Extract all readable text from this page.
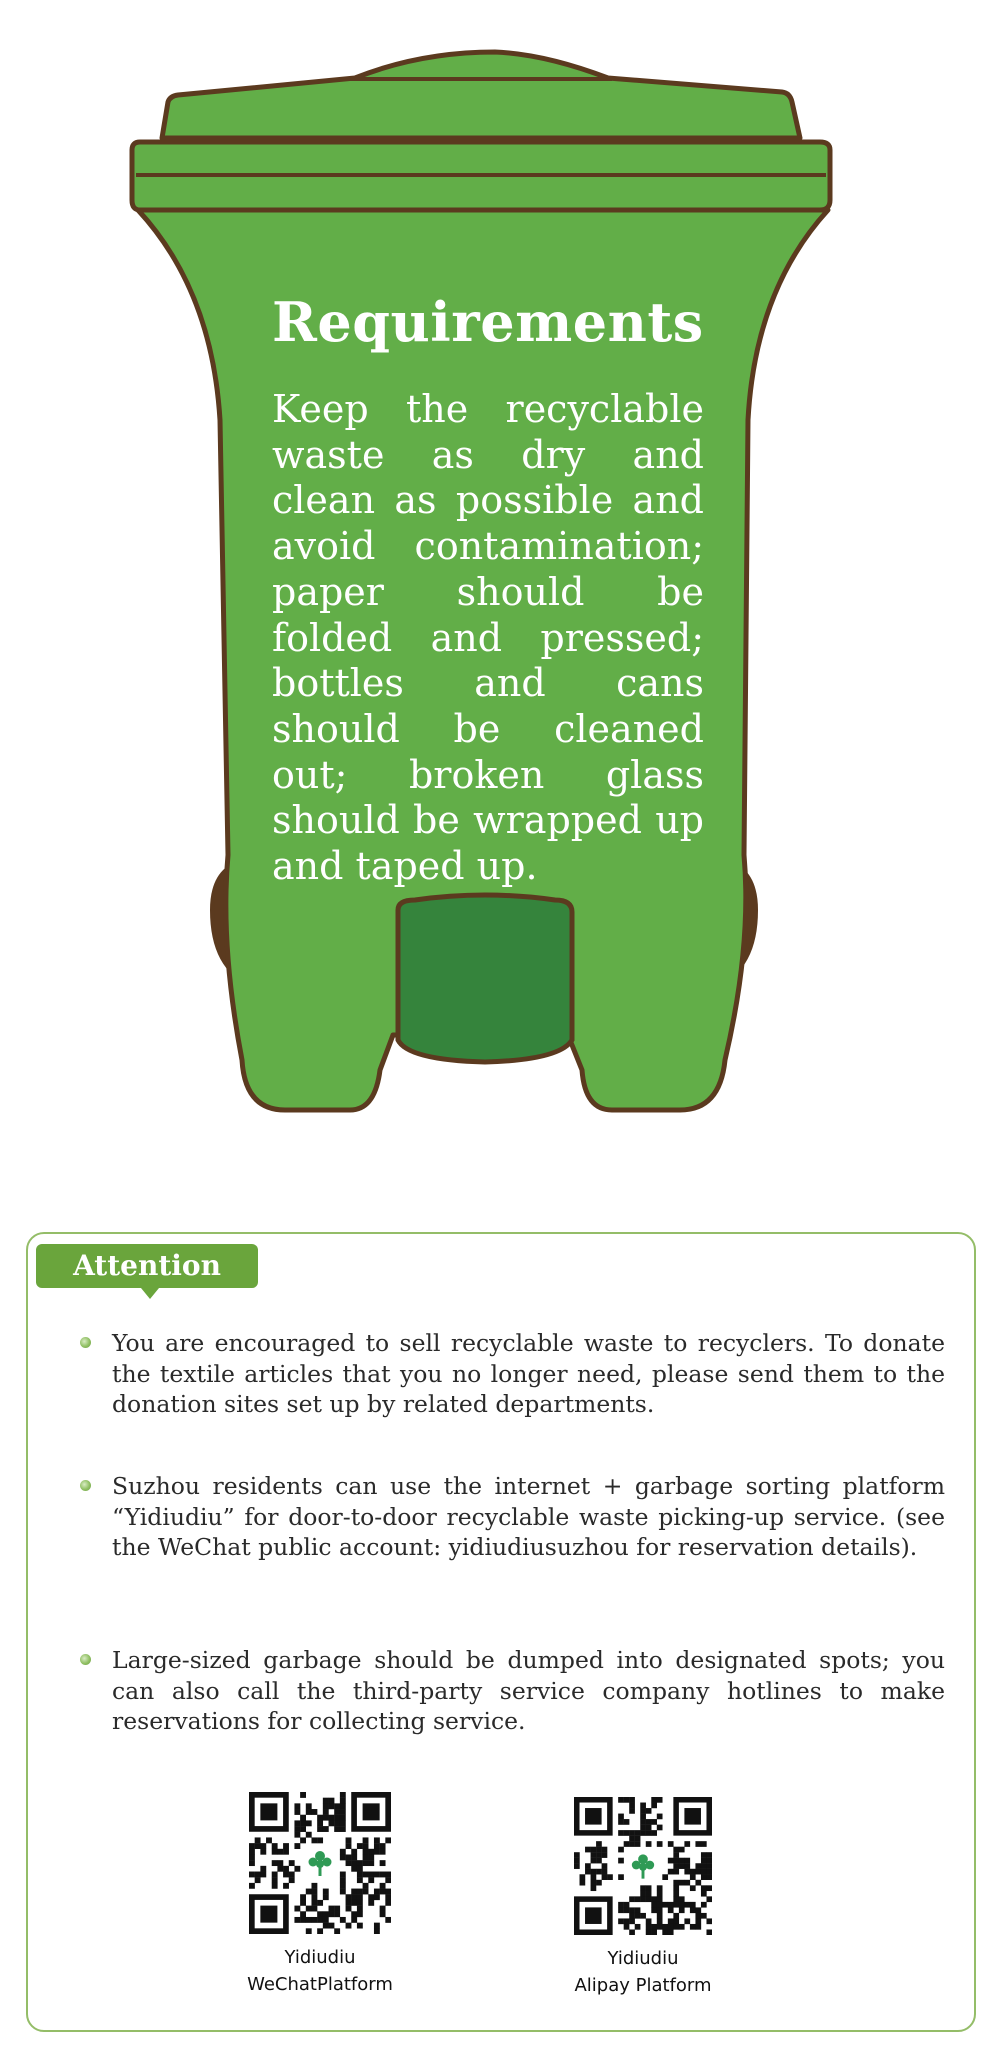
Requirements

Keep the recyclable waste as dry and clean as possible and avoid contamination; paper should be folded and pressed; bottles and cans should be cleaned out; broken glass should be wrapped up and taped up.

Attention

You are encouraged to sell recyclable waste to recyclers. To donate the textile articles that you no longer need, please send them to the donation sites set up by related departments.

Suzhou residents can use the internet + garbage sorting platform “Yidiudiu” for door-to-door recyclable waste picking-up service. (see the WeChat public account: yidiudiusuzhou for reservation details).

Large-sized garbage should be dumped into designated spots; you can also call the third-party service company hotlines to make reservations for collecting service.

Yidiudiu

WeChatPlatform

Yidiudiu

Alipay Platform
